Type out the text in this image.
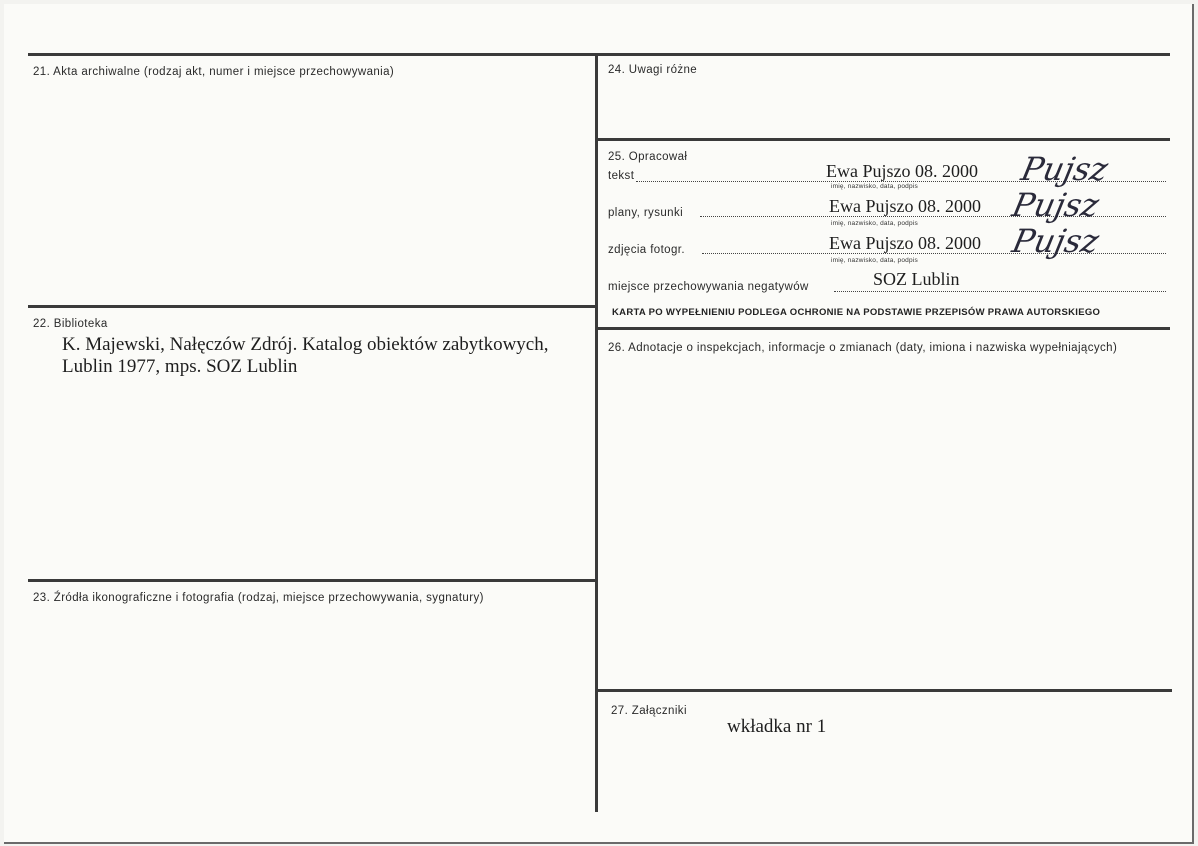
21. Akta archiwalne (rodzaj akt, numer i miejsce przechowywania)
22. Biblioteka
K. Majewski, Nałęczów Zdrój. Katalog obiektów zabytkowych,
Lublin 1977, mps. SOZ Lublin
23. Źródła ikonograficzne i fotografia (rodzaj, miejsce przechowywania, sygnatury)
24. Uwagi różne
25. Opracował
tekst	Ewa Pujszo 08. 2000
imię, nazwisko, data, podpis	Pujsz
plany, rysunki	Ewa Pujszo 08. 2000
imię, nazwisko, data, podpis	Pujsz
zdjęcia fotogr.	Ewa Pujszo 08. 2000
imię, nazwisko, data, podpis
Pujsz
miejsce przechowywania negatywów	SOZ Lublin
KARTA PO WYPEŁNIENIU PODLEGA OCHRONIE NA PODSTAWIE PRZEPISÓW PRAWA AUTORSKIEGO
26. Adnotacje o inspekcjach, informacje o zmianach (daty, imiona i nazwiska wypełniających)
27. Załączniki
wkładka nr 1
